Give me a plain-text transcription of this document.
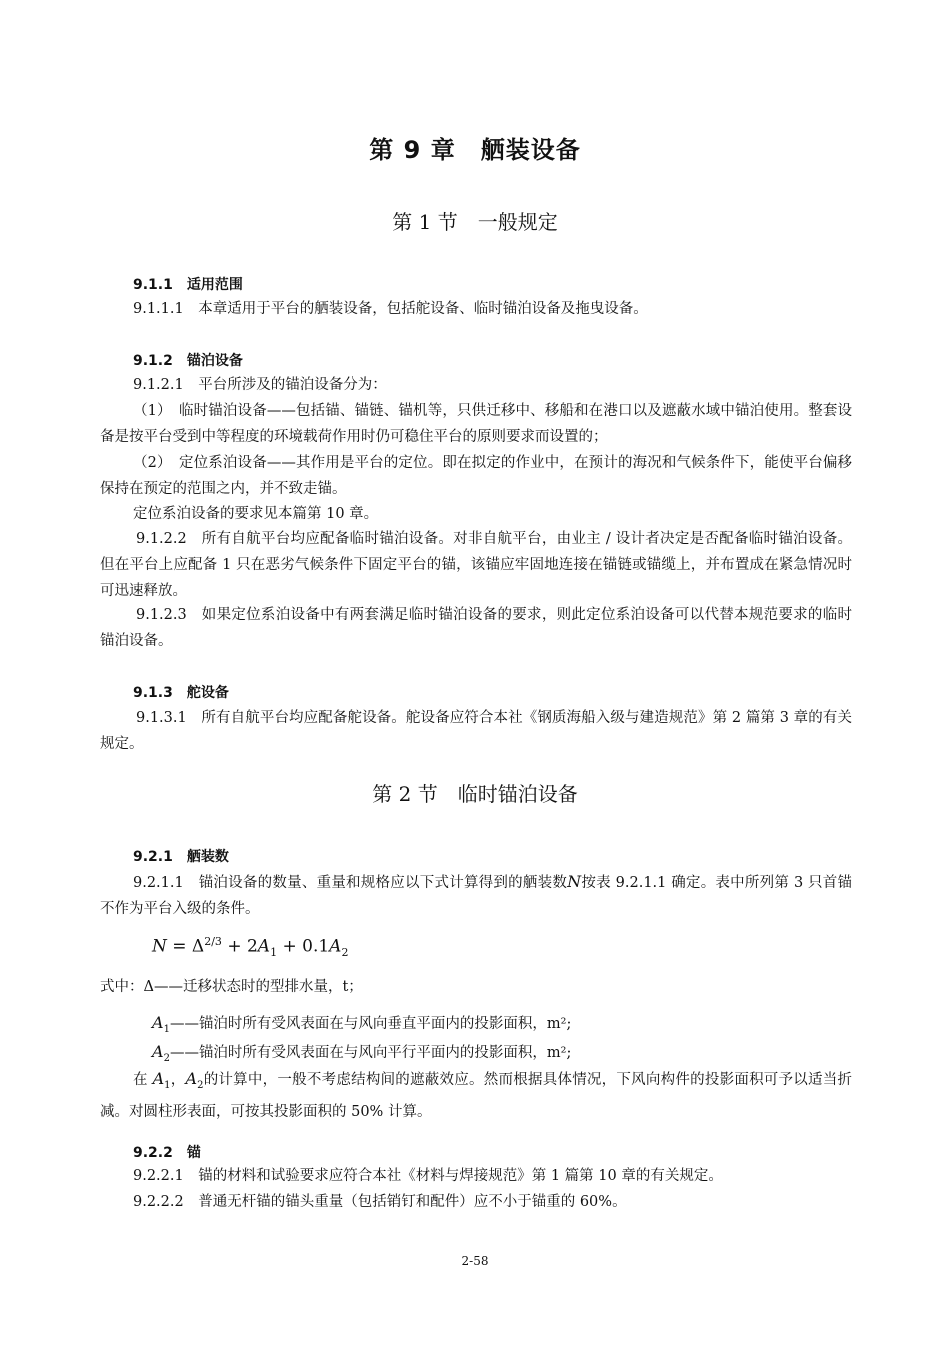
第 9 章　舾装设备
第 1 节　一般规定
9.1.1　适用范围
9.1.1.1　本章适用于平台的舾装设备，包括舵设备、临时锚泊设备及拖曳设备。
9.1.2　锚泊设备
9.1.2.1　平台所涉及的锚泊设备分为：
（1）　临时锚泊设备——包括锚、锚链、锚机等，只供迁移中、移船和在港口以及遮蔽水域中锚泊使用。整套设备是按平台受到中等程度的环境载荷作用时仍可稳住平台的原则要求而设置的；
（2）　定位系泊设备——其作用是平台的定位。即在拟定的作业中，在预计的海况和气候条件下，能使平台偏移保持在预定的范围之内，并不致走锚。
定位系泊设备的要求见本篇第 10 章。
9.1.2.2　所有自航平台均应配备临时锚泊设备。对非自航平台，由业主 / 设计者决定是否配备临时锚泊设备。但在平台上应配备 1 只在恶劣气候条件下固定平台的锚，该锚应牢固地连接在锚链或锚缆上，并布置成在紧急情况时可迅速释放。
9.1.2.3　如果定位系泊设备中有两套满足临时锚泊设备的要求，则此定位系泊设备可以代替本规范要求的临时锚泊设备。
9.1.3　舵设备
9.1.3.1　所有自航平台均应配备舵设备。舵设备应符合本社《钢质海船入级与建造规范》第 2 篇第 3 章的有关规定。
第 2 节　临时锚泊设备
9.2.1　舾装数
9.2.1.1　锚泊设备的数量、重量和规格应以下式计算得到的舾装数N按表 9.2.1.1 确定。表中所列第 3 只首锚不作为平台入级的条件。
$N = \Delta^{2/3} + 2A_1 + 0.1A_2$
式中：Δ——迁移状态时的型排水量，t；
$A_1——$锚泊时所有受风表面在与风向垂直平面内的投影面积，m²;
$A_2——$锚泊时所有受风表面在与风向平行平面内的投影面积，m²;
在 $A_1$，$A_2$的计算中，一般不考虑结构间的遮蔽效应。然而根据具体情况，下风向构件的投影面积可予以适当折减。对圆柱形表面，可按其投影面积的 50% 计算。
9.2.2　锚
9.2.2.1　锚的材料和试验要求应符合本社《材料与焊接规范》第 1 篇第 10 章的有关规定。
9.2.2.2　普通无杆锚的锚头重量（包括销钉和配件）应不小于锚重的 60%。
2-58
